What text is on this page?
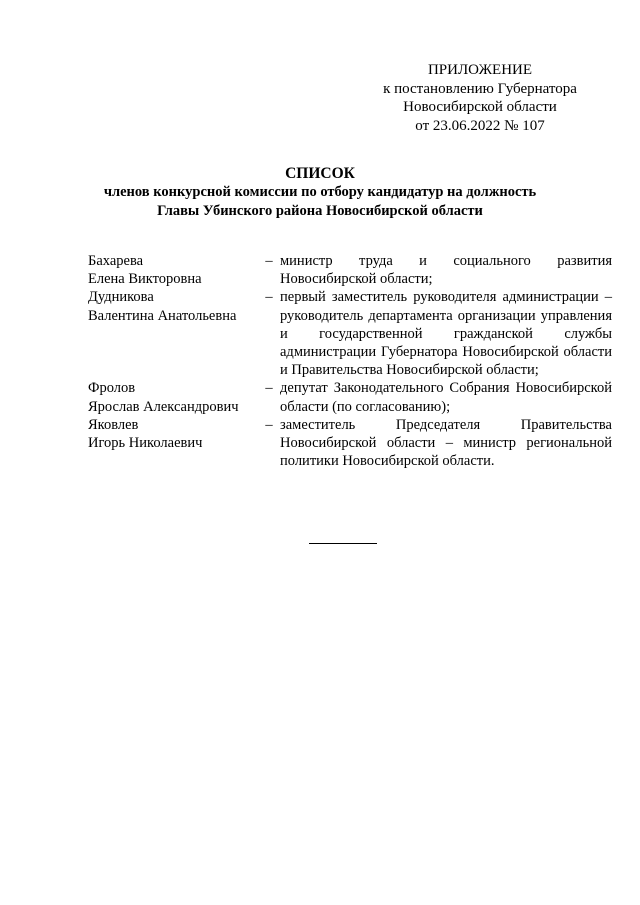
ПРИЛОЖЕНИЕ
к постановлению Губернатора
Новосибирской области
от 23.06.2022 № 107
СПИСОК
членов конкурсной комиссии по отбору кандидатур на должность
Главы Убинского района Новосибирской области
Бахарева
Елена Викторовна
– министр труда и социального развития Новосибирской области;
Дудникова
Валентина Анатольевна
– первый заместитель руководителя администрации – руководитель департамента организации управления и государственной гражданской службы администрации Губернатора Новосибирской области и Правительства Новосибирской области;
Фролов
Ярослав Александрович
– депутат Законодательного Собрания Новосибирской области (по согласованию);
Яковлев
Игорь Николаевич
– заместитель Председателя Правительства Новосибирской области – министр региональной политики Новосибирской области.
